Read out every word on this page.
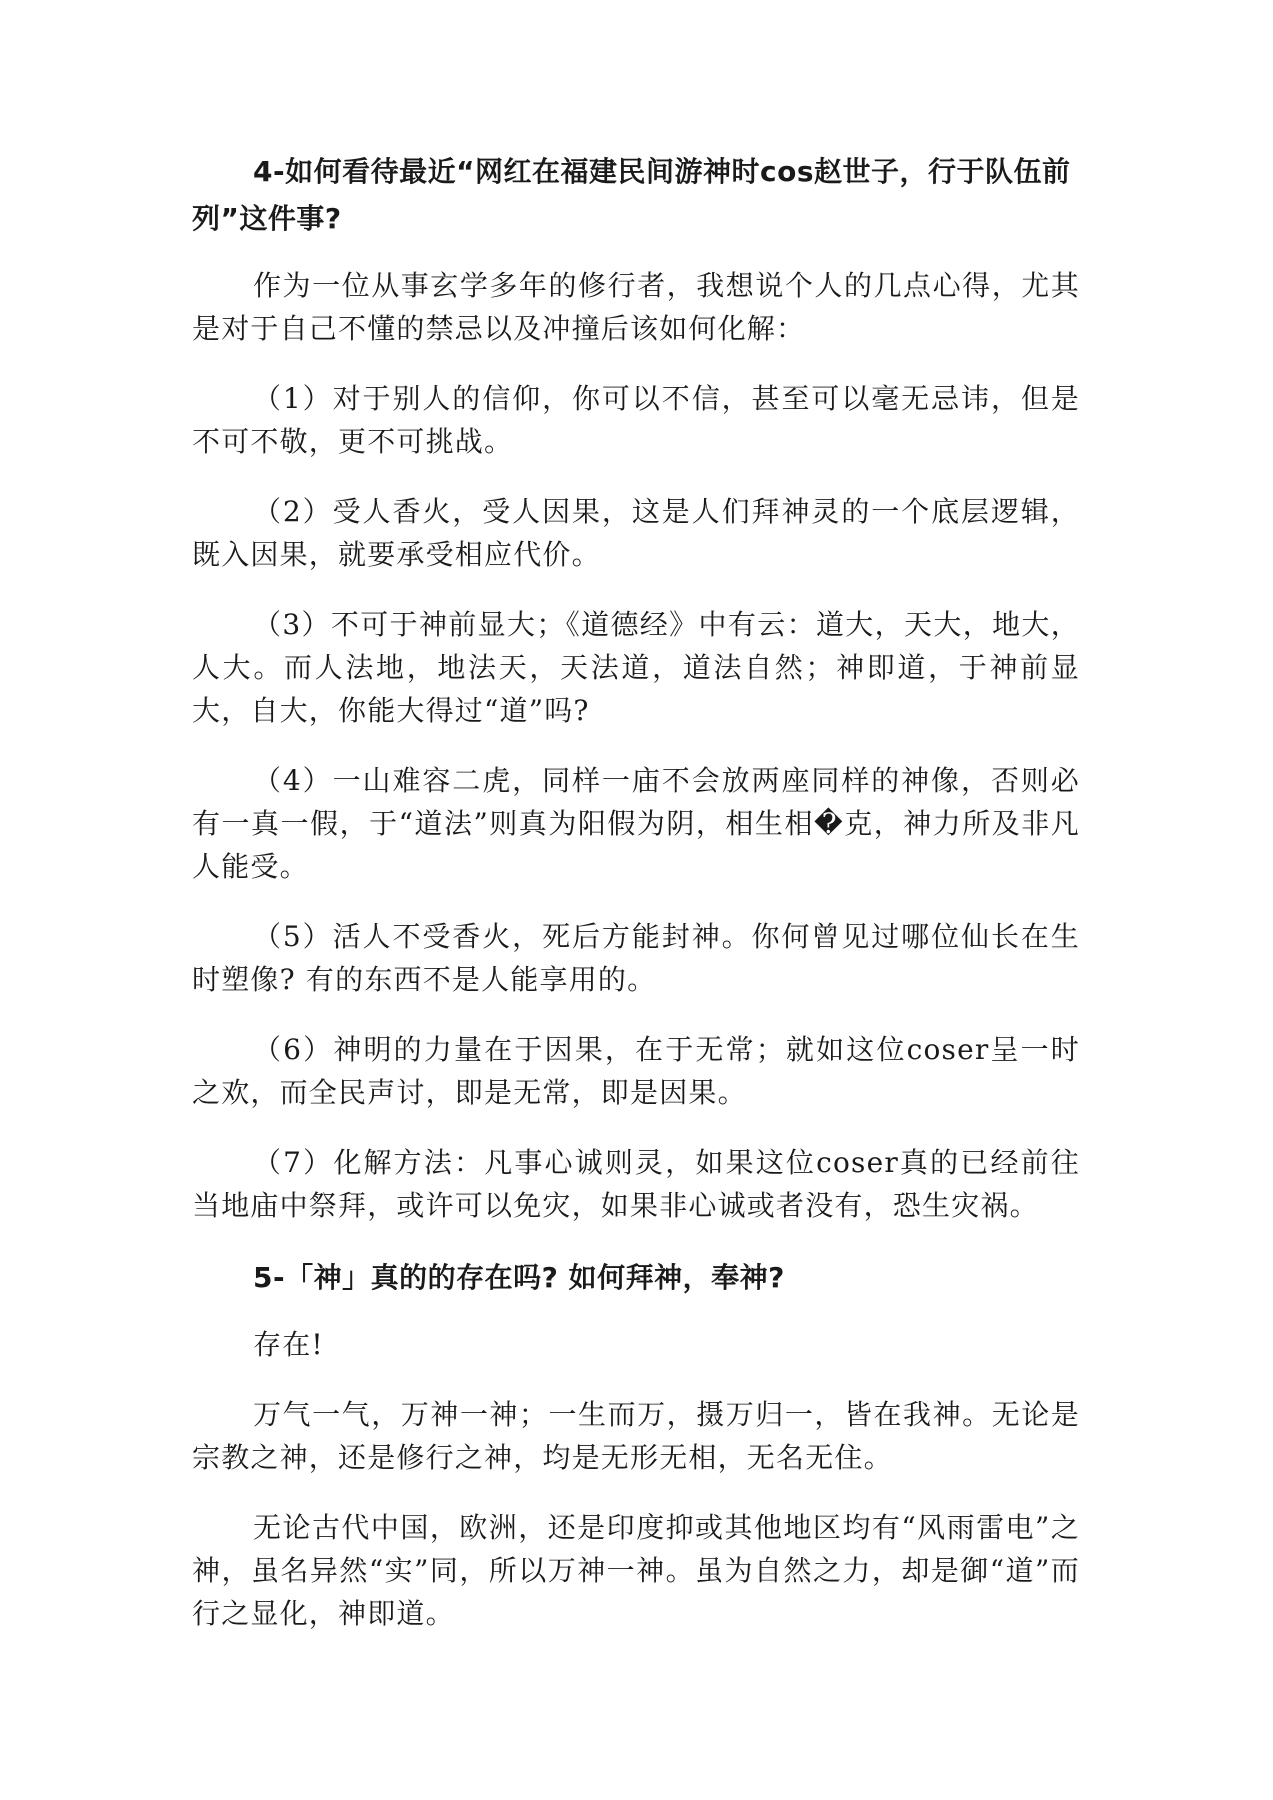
4-如何看待最近“网红在福建民间游神时cos赵世子，行于队伍前列”这件事?

作为一位从事玄学多年的修行者，我想说个人的几点心得，尤其是对于自己不懂的禁忌以及冲撞后该如何化解：

（1）对于别人的信仰，你可以不信，甚至可以毫无忌讳，但是不可不敬，更不可挑战。

（2）受人香火，受人因果，这是人们拜神灵的一个底层逻辑，既入因果，就要承受相应代价。

（3）不可于神前显大；《道德经》中有云：道大，天大，地大，人大。而人法地，地法天，天法道，道法自然；神即道，于神前显大，自大，你能大得过“道”吗?

（4）一山难容二虎，同样一庙不会放两座同样的神像，否则必有一真一假，于“道法”则真为阳假为阴，相生相�克，神力所及非凡人能受。

（5）活人不受香火，死后方能封神。你何曾见过哪位仙长在生时塑像? 有的东西不是人能享用的。

（6）神明的力量在于因果，在于无常；就如这位coser呈一时之欢，而全民声讨，即是无常，即是因果。

（7）化解方法：凡事心诚则灵，如果这位coser真的已经前往当地庙中祭拜，或许可以免灾，如果非心诚或者没有，恐生灾祸。

5-「神」真的的存在吗? 如何拜神，奉神?

存在!

万气一气，万神一神；一生而万，摄万归一，皆在我神。无论是宗教之神，还是修行之神，均是无形无相，无名无住。

无论古代中国，欧洲，还是印度抑或其他地区均有“风雨雷电”之神，虽名异然“实”同，所以万神一神。虽为自然之力，却是御“道”而行之显化，神即道。
